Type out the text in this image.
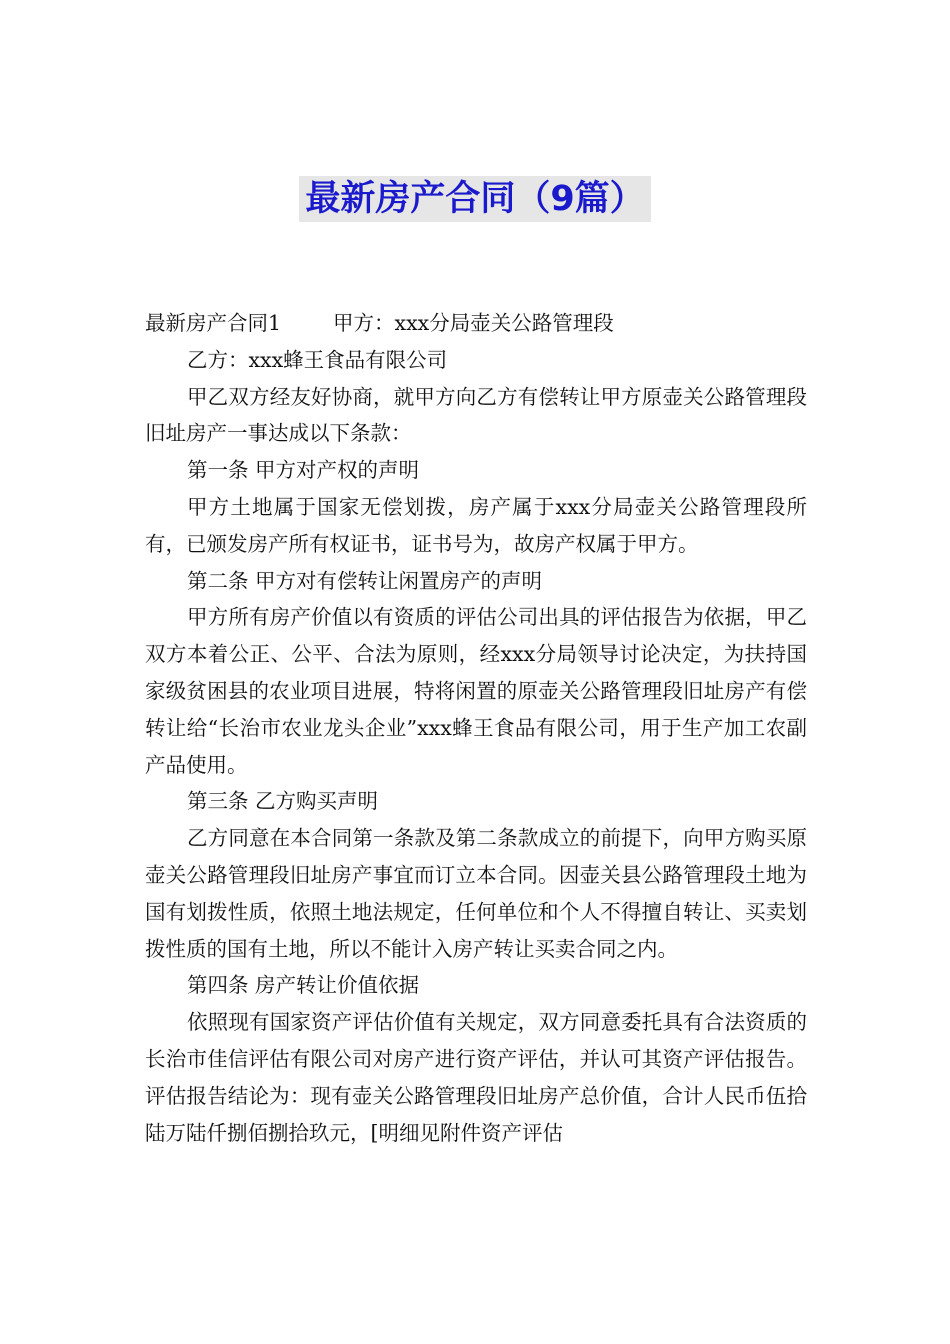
最新房产合同（9篇）

最新房产合同1	甲方：xxx分局壶关公路管理段

乙方：xxx蜂王食品有限公司

甲乙双方经友好协商，就甲方向乙方有偿转让甲方原壶关公路管理段旧址房产一事达成以下条款：

第一条 甲方对产权的声明

甲方土地属于国家无偿划拨，房产属于xxx分局壶关公路管理段所有，已颁发房产所有权证书，证书号为，故房产权属于甲方。

第二条 甲方对有偿转让闲置房产的声明

甲方所有房产价值以有资质的评估公司出具的评估报告为依据，甲乙双方本着公正、公平、合法为原则，经xxx分局领导讨论决定，为扶持国家级贫困县的农业项目进展，特将闲置的原壶关公路管理段旧址房产有偿转让给“长治市农业龙头企业”xxx蜂王食品有限公司，用于生产加工农副产品使用。

第三条 乙方购买声明

乙方同意在本合同第一条款及第二条款成立的前提下，向甲方购买原壶关公路管理段旧址房产事宜而订立本合同。因壶关县公路管理段土地为国有划拨性质，依照土地法规定，任何单位和个人不得擅自转让、买卖划拨性质的国有土地，所以不能计入房产转让买卖合同之内。

第四条 房产转让价值依据

依照现有国家资产评估价值有关规定，双方同意委托具有合法资质的长治市佳信评估有限公司对房产进行资产评估，并认可其资产评估报告。评估报告结论为：现有壶关公路管理段旧址房产总价值，合计人民币伍拾陆万陆仟捌佰捌拾玖元，[明细见附件资产评估
